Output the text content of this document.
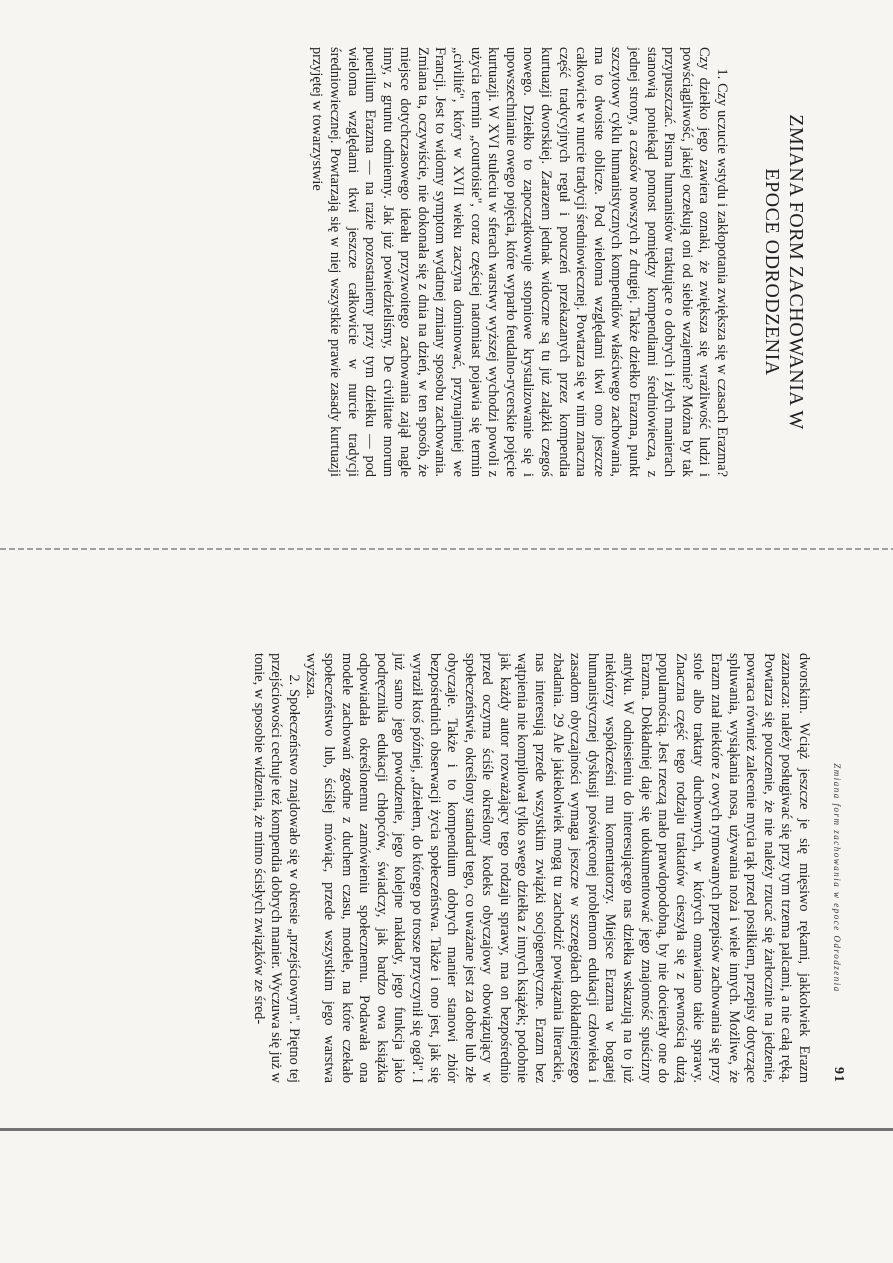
ZMIANA FORM ZACHOWANIA W EPOCE ODRODZENIA

1. Czy uczucie wstydu i zakłopotania zwiększa się w czasach Erazma? Czy dziełko jego zawiera oznaki, że zwiększa się wrażliwość ludzi i powściągliwość, jakiej oczekują oni od siebie wzajemnie? Można by tak przypuszczać. Pisma humanistów traktujące o dobrych i złych manierach stanowią poniekąd pomost pomiędzy kompendiami średniowiecza, z jednej strony, a czasów nowszych z drugiej. Także dziełko Erazma, punkt szczytowy cyklu humanistycznych kompendiów właściwego zachowania, ma to dwoiste oblicze. Pod wieloma względami tkwi ono jeszcze całkowicie w nurcie tradycji średniowiecznej. Powtarza się w nim znaczna część tradycyjnych reguł i pouczeń przekazanych przez kompendia kurtuazji dworskiej. Zarazem jednak widoczne są tu już zalążki czegoś nowego. Dziełko to zapoczątkowuje stopniowe krystalizowanie się i upowszechnianie owego pojęcia, które wyparło feudalno-rycerskie pojęcie kurtuazji. W XVI stuleciu w sferach warstwy wyższej wychodzi powoli z użycia termin „courtoisie", coraz częściej natomiast pojawia się termin „civilité", który w XVII wieku zaczyna dominować, przynajmniej we Francji. Jest to widomy symptom wydatnej zmiany sposobu zachowania. Zmiana ta, oczywiście, nie dokonała się z dnia na dzień, w ten sposób, że miejsce dotychczasowego ideału przyzwoitego zachowania zajął nagle inny, z gruntu odmienny. Jak już powiedzieliśmy, De civilitate morum puerilium Erazma — na razie pozostaniemy przy tym dziełku — pod wieloma względami tkwi jeszcze całkowicie w nurcie tradycji średniowiecznej. Powtarzają się w niej wszystkie prawie zasady kurtuazji przyjętej w towarzystwie

Zmiana form zachowania w epoce Odrodzenia
91

dworskim. Wciąż jeszcze je się mięsiwo rękami, jakkolwiek Erazm zaznacza: należy posługiwać się przy tym trzema palcami, a nie całą ręką. Powtarza się pouczenie, że nie należy rzucać się żarłocznie na jedzenie, powraca również zalecenie mycia rąk przed posiłkiem, przepisy dotyczące spluwania, wysiąkania nosa, używania noża i wiele innych. Możliwe, że Erazm znał niektóre z owych rymowanych przepisów zachowania się przy stole albo traktaty duchownych, w których omawiano takie sprawy. Znaczna część tego rodzaju traktatów cieszyła się z pewnością dużą popularnością. Jest rzeczą mało prawdopodobną, by nie docierały one do Erazma. Dokładniej daje się udokumentować jego znajomość spuścizny antyku. W odniesieniu do interesującego nas dziełka wskazują na to już niektórzy współcześni mu komentatorzy. Miejsce Erazma w bogatej humanistycznej dyskusji poświęconej problemom edukacji człowieka i zasadom obyczajności wymaga jeszcze w szczegółach dokładniejszego zbadania. 29 Ale jakiekolwiek mogą tu zachodzić powiązania literackie, nas interesują przede wszystkim związki socjogenetyczne. Erazm bez wątpienia nie kompilował tylko swego dziełka z innych książek; podobnie jak każdy autor rozważający tego rodzaju sprawy, ma on bezpośrednio przed oczyma ściśle określony kodeks obyczajowy obowiązujący w społeczeństwie, określony standard tego, co uważane jest za dobre lub złe obyczaje. Także i to kompendium dobrych manier stanowi zbiór bezpośrednich obserwacji życia społeczeństwa. Także i ono jest, jak się wyraził ktoś później, „dziełem, do którego po trosze przyczynił się ogół". I już samo jego powodzenie, jego kolejne nakłady, jego funkcja jako podręcznika edukacji chłopców, świadczy, jak bardzo owa książka odpowiadała określonemu zamówieniu społecznemu. Podawała ona modele zachowań zgodne z duchem czasu, modele, na które czekało społeczeństwo lub, ściślej mówiąc, przede wszystkim jego warstwa wyższa.

2. Społeczeństwo znajdowało się w okresie „przejściowym". Piętno tej przejściowości cechuje też kompendia dobrych manier. Wyczuwa się już w tonie, w sposobie widzenia, że mimo ścisłych związków ze śred-
